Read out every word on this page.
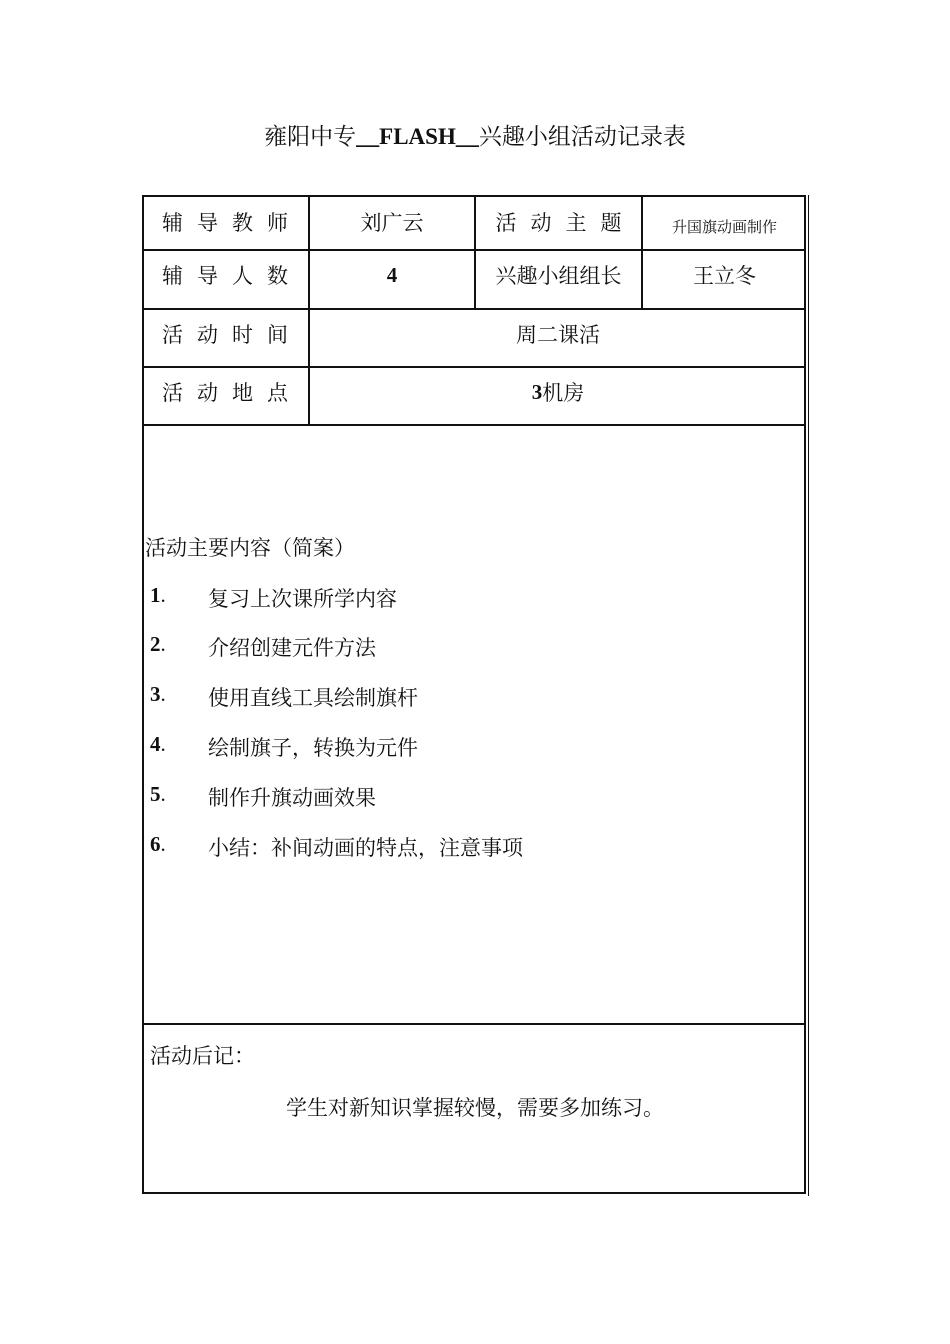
雍阳中专__FLASH__兴趣小组活动记录表
辅导教师	刘广云	活动主题 升国旗动画制作
辅导人数	4	兴趣小组组长	王立冬
活动时间	周二课活
活动地点	3 机房
活动主要内容（简案）
1.	复习上次课所学内容
2.	介绍创建元件方法
3.	使用直线工具绘制旗杆
4.	绘制旗子，转换为元件
5.	制作升旗动画效果
6.	小结：补间动画的特点，注意事项
活动后记：
学生对新知识掌握较慢，需要多加练习。
